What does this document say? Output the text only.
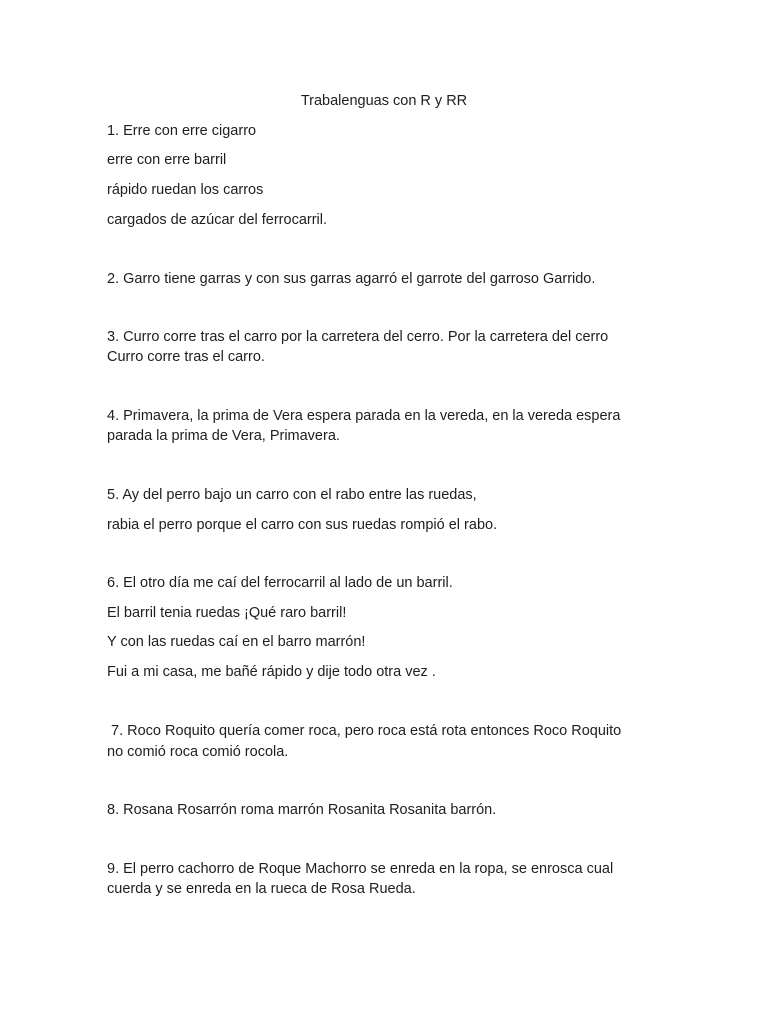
Trabalenguas con R y RR
1. Erre con erre cigarro
erre con erre barril
rápido ruedan los carros
cargados de azúcar del ferrocarril.
2. Garro tiene garras y con sus garras agarró el garrote del garroso Garrido.
3. Curro corre tras el carro por la carretera del cerro. Por la carretera del cerro
Curro corre tras el carro.
4. Primavera, la prima de Vera espera parada en la vereda, en la vereda espera
parada la prima de Vera, Primavera.
5. Ay del perro bajo un carro con el rabo entre las ruedas,
rabia el perro porque el carro con sus ruedas rompió el rabo.
6. El otro día me caí del ferrocarril al lado de un barril.
El barril tenia ruedas ¡Qué raro barril!
Y con las ruedas caí en el barro marrón!
Fui a mi casa, me bañé rápido y dije todo otra vez .
7. Roco Roquito quería comer roca, pero roca está rota entonces Roco Roquito
no comió roca comió rocola.
8. Rosana Rosarrón roma marrón Rosanita Rosanita barrón.
9. El perro cachorro de Roque Machorro se enreda en la ropa, se enrosca cual
cuerda y se enreda en la rueca de Rosa Rueda.
